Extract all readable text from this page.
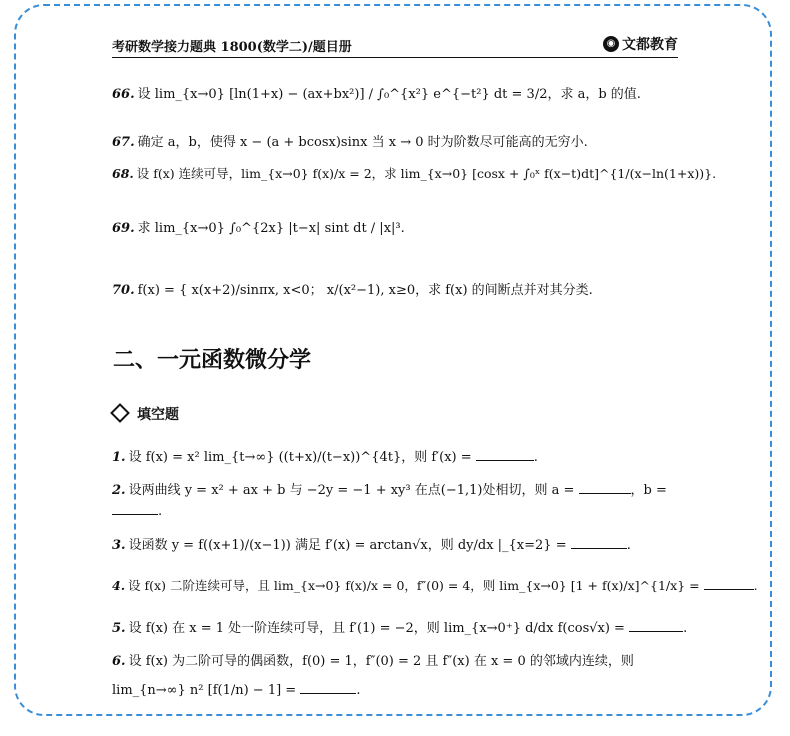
考研数学接力题典 1800(数学二)/题目册	◉ 文都教育
66. 设 lim_{x→0} [ln(1+x) − (ax+bx²)] / ∫₀^{x²} e^{−t²} dt = 3/2，求 a，b 的值.
67. 确定 a，b，使得 x − (a + bcosx)sinx 当 x → 0 时为阶数尽可能高的无穷小.
68. 设 f(x) 连续可导，lim_{x→0} f(x)/x = 2，求 lim_{x→0} [cosx + ∫₀ˣ f(x−t)dt]^{1/(x−ln(1+x))}.
69. 求 lim_{x→0} ∫₀^{2x} |t−x| sint dt / |x|³.
70. f(x) = { x(x+2)/sinπx, x<0； x/(x²−1), x≥0，求 f(x) 的间断点并对其分类.
二、一元函数微分学
填空题
1. 设 f(x) = x² lim_{t→∞} ((t+x)/(t−x))^{4t}，则 f′(x) =	.
2. 设两曲线 y = x² + ax + b 与 −2y = −1 + xy³ 在点(−1,1)处相切，则 a =	，b =
.
3. 设函数 y = f((x+1)/(x−1)) 满足 f′(x) = arctan√x，则 dy/dx |_{x=2} =	.
4. 设 f(x) 二阶连续可导，且 lim_{x→0} f(x)/x = 0，f″(0) = 4，则 lim_{x→0} [1 + f(x)/x]^{1/x} =	.
5. 设 f(x) 在 x = 1 处一阶连续可导，且 f′(1) = −2，则 lim_{x→0⁺} d/dx f(cos√x) =	.
6. 设 f(x) 为二阶可导的偶函数，f(0) = 1，f″(0) = 2 且 f″(x) 在 x = 0 的邻域内连续，则
lim_{n→∞} n² [f(1/n) − 1] =	.
